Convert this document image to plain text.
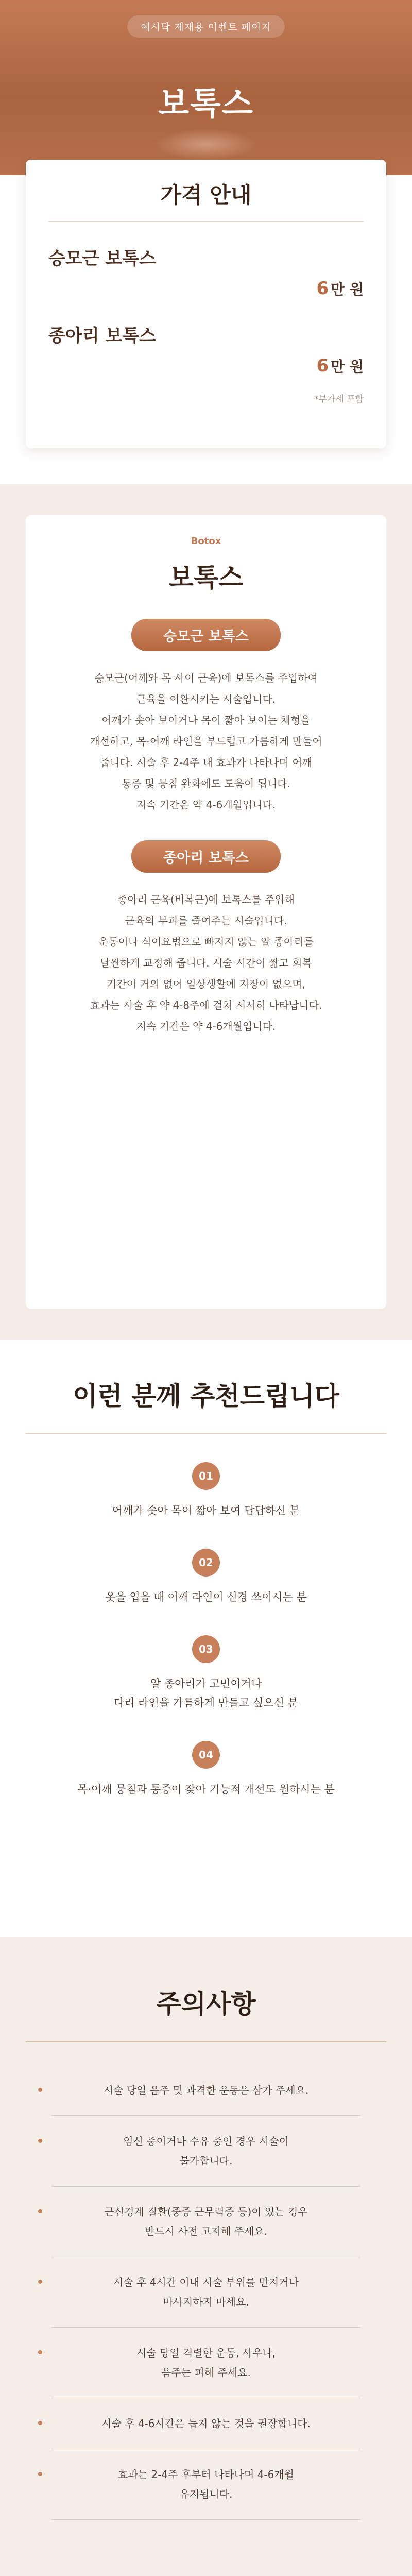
예시닥 제재용 이벤트 페이지
보톡스
가격 안내
승모근 보톡스
6 만 원
종아리 보톡스
6 만 원
*부가세 포함
Botox
보톡스
승모근 보톡스
승모근(어깨와 목 사이 근육)에 보톡스를 주입하여
근육을 이완시키는 시술입니다.
어깨가 솟아 보이거나 목이 짧아 보이는 체형을
개선하고, 목-어깨 라인을 부드럽고 가름하게 만들어
줍니다. 시술 후 2-4주 내 효과가 나타나며 어깨
통증 및 뭉침 완화에도 도움이 됩니다.
지속 기간은 약 4-6개월입니다.
종아리 보톡스
종아리 근육(비복근)에 보톡스를 주입해
근육의 부피를 줄여주는 시술입니다.
운동이나 식이요법으로 빠지지 않는 알 종아리를
날씬하게 교정해 줍니다. 시술 시간이 짧고 회복
기간이 거의 없어 일상생활에 지장이 없으며,
효과는 시술 후 약 4-8주에 걸쳐 서서히 나타납니다.
지속 기간은 약 4-6개월입니다.
이런 분께 추천드립니다
01
어깨가 솟아 목이 짧아 보여 답답하신 분
02
옷을 입을 때 어깨 라인이 신경 쓰이시는 분
03
알 종아리가 고민이거나
다리 라인을 가름하게 만들고 싶으신 분
04
목·어깨 뭉침과 통증이 잦아 기능적 개선도 원하시는 분
주의사항
시술 당일 음주 및 과격한 운동은 삼가 주세요.
임신 중이거나 수유 중인 경우 시술이
불가합니다.
근신경계 질환(중증 근무력증 등)이 있는 경우
반드시 사전 고지해 주세요.
시술 후 4시간 이내 시술 부위를 만지거나
마사지하지 마세요.
시술 당일 격렬한 운동, 사우나,
음주는 피해 주세요.
시술 후 4-6시간은 눕지 않는 것을 권장합니다.
효과는 2-4주 후부터 나타나며 4-6개월
유지됩니다.
